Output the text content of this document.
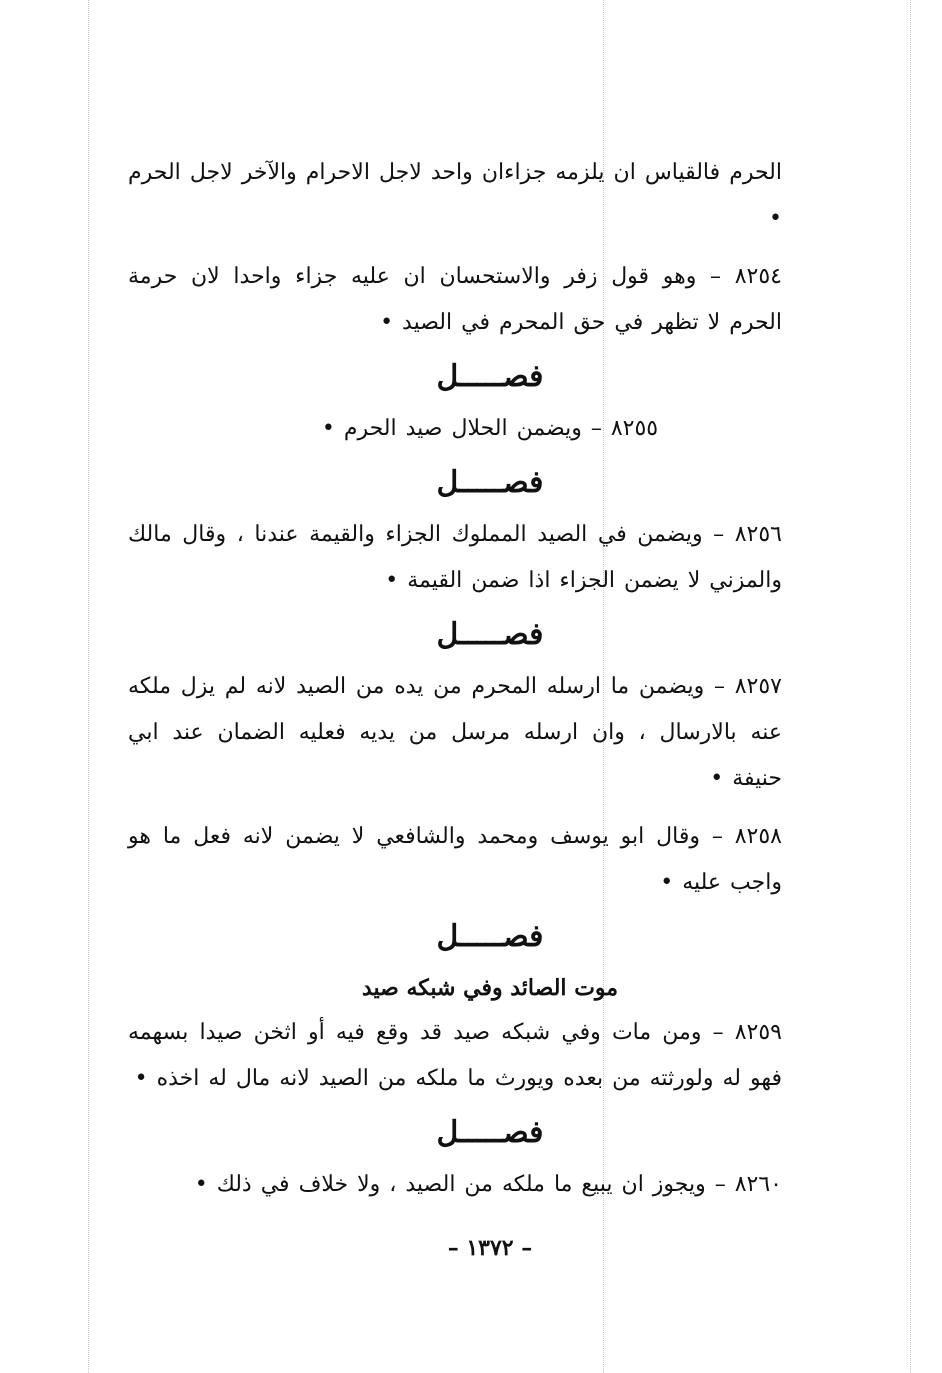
الحرم فالقياس ان يلزمه جزاءان واحد لاجل الاحرام والآخر لاجل الحرم •

٨٢٥٤ – وهو قول زفر والاستحسان ان عليه جزاء واحدا لان حرمة الحرم لا تظهر في حق المحرم في الصيد •

فصـــــل

٨٢٥٥ – ويضمن الحلال صيد الحرم •

فصـــــل

٨٢٥٦ – ويضمن في الصيد المملوك الجزاء والقيمة عندنا ، وقال مالك والمزني لا يضمن الجزاء اذا ضمن القيمة •

فصـــــل

٨٢٥٧ – ويضمن ما ارسله المحرم من يده من الصيد لانه لم يزل ملكه عنه بالارسال ، وان ارسله مرسل من يديه فعليه الضمان عند ابي حنيفة •

٨٢٥٨ – وقال ابو يوسف ومحمد والشافعي لا يضمن لانه فعل ما هو واجب عليه •

فصـــــل
موت الصائد وفي شبكه صيد

٨٢٥٩ – ومن مات وفي شبكه صيد قد وقع فيه أو اثخن صيدا بسهمه فهو له ولورثته من بعده ويورث ما ملكه من الصيد لانه مال له اخذه •

فصـــــل

٨٢٦٠ – ويجوز ان يبيع ما ملكه من الصيد ، ولا خلاف في ذلك •

– ١٣٧٢ –
